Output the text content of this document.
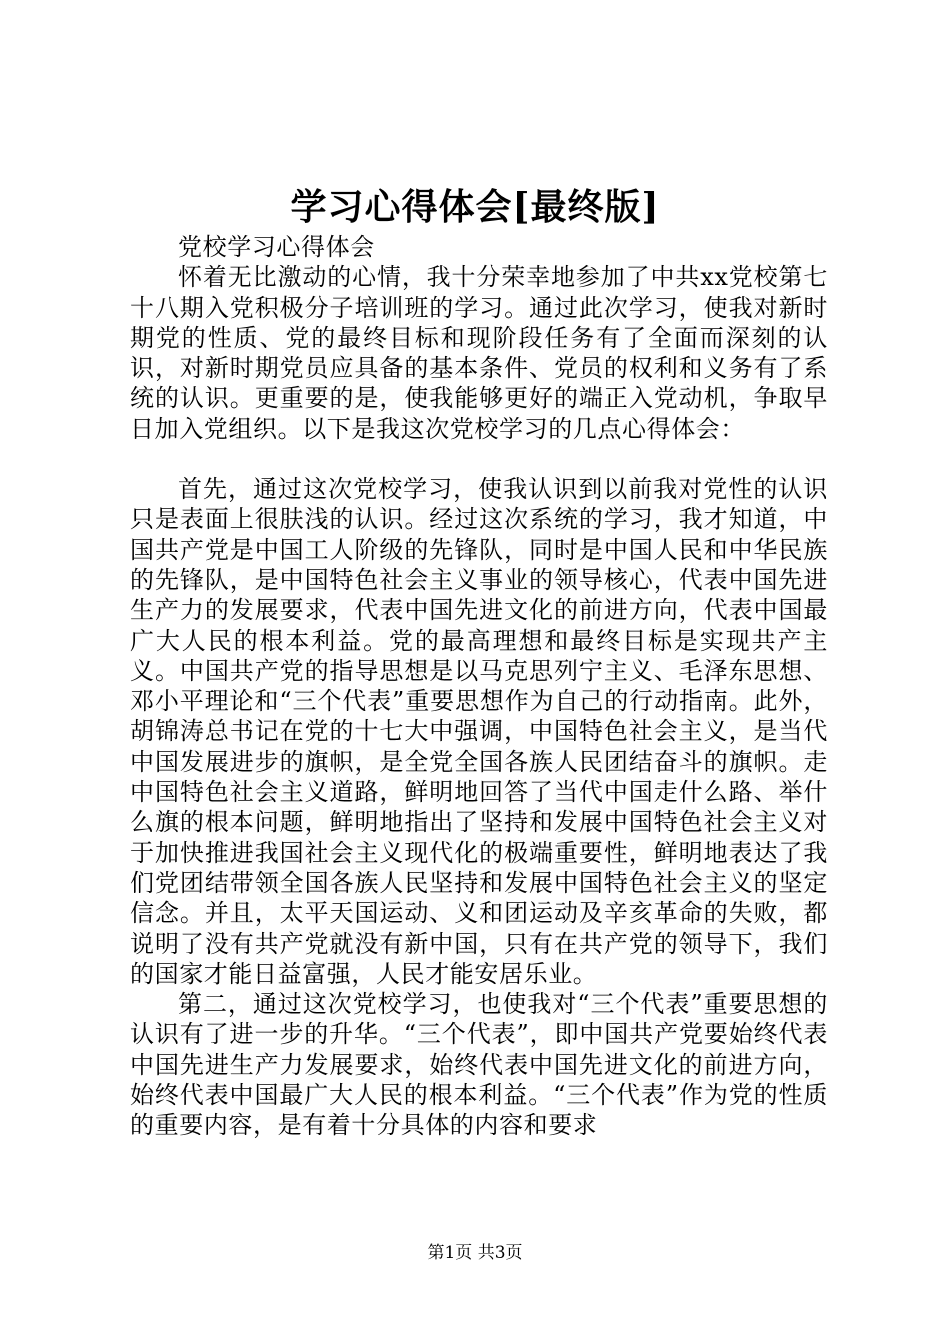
学习心得体会[最终版]

党校学习心得体会

怀着无比激动的心情，我十分荣幸地参加了中共xx党校第七十八期入党积极分子培训班的学习。通过此次学习，使我对新时期党的性质、党的最终目标和现阶段任务有了全面而深刻的认识，对新时期党员应具备的基本条件、党员的权利和义务有了系统的认识。更重要的是，使我能够更好的端正入党动机，争取早日加入党组织。以下是我这次党校学习的几点心得体会：

首先，通过这次党校学习，使我认识到以前我对党性的认识只是表面上很肤浅的认识。经过这次系统的学习，我才知道，中国共产党是中国工人阶级的先锋队，同时是中国人民和中华民族的先锋队，是中国特色社会主义事业的领导核心，代表中国先进生产力的发展要求，代表中国先进文化的前进方向，代表中国最广大人民的根本利益。党的最高理想和最终目标是实现共产主义。中国共产党的指导思想是以马克思列宁主义、毛泽东思想、邓小平理论和“三个代表”重要思想作为自己的行动指南。此外，胡锦涛总书记在党的十七大中强调，中国特色社会主义，是当代中国发展进步的旗帜，是全党全国各族人民团结奋斗的旗帜。走中国特色社会主义道路，鲜明地回答了当代中国走什么路、举什么旗的根本问题，鲜明地指出了坚持和发展中国特色社会主义对于加快推进我国社会主义现代化的极端重要性，鲜明地表达了我们党团结带领全国各族人民坚持和发展中国特色社会主义的坚定信念。并且，太平天国运动、义和团运动及辛亥革命的失败，都说明了没有共产党就没有新中国，只有在共产党的领导下，我们的国家才能日益富强，人民才能安居乐业。

第二，通过这次党校学习，也使我对“三个代表”重要思想的认识有了进一步的升华。“三个代表”，即中国共产党要始终代表中国先进生产力发展要求，始终代表中国先进文化的前进方向，始终代表中国最广大人民的根本利益。“三个代表”作为党的性质的重要内容，是有着十分具体的内容和要求

第1页 共3页
